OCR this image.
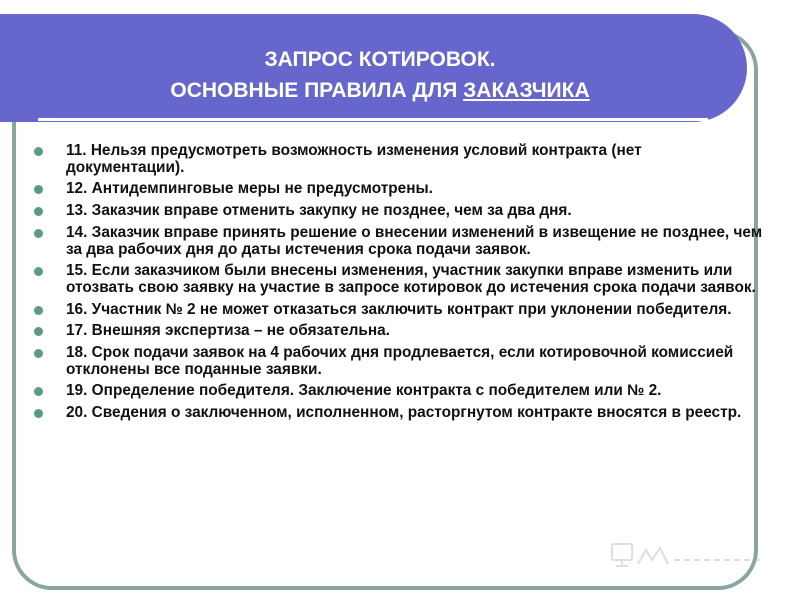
ЗАПРОС КОТИРОВОК.
ОСНОВНЫЕ ПРАВИЛА ДЛЯ ЗАКАЗЧИКА
11. Нельзя предусмотреть возможность изменения условий контракта (нет документации).
12. Антидемпинговые меры не предусмотрены.
13. Заказчик вправе отменить закупку не позднее, чем за два дня.
14. Заказчик вправе принять решение о внесении изменений в извещение не позднее, чем за два рабочих дня до даты истечения срока подачи заявок.
15. Если заказчиком были внесены изменения, участник закупки вправе изменить или отозвать свою заявку на участие в запросе котировок до истечения срока подачи заявок.
16. Участник № 2 не может отказаться заключить контракт при уклонении победителя.
17. Внешняя экспертиза – не обязательна.
18. Срок подачи заявок на 4 рабочих дня продлевается, если котировочной комиссией отклонены все поданные заявки.
19. Определение победителя. Заключение контракта с победителем или № 2.
20. Сведения о заключенном, исполненном, расторгнутом контракте вносятся в реестр.
